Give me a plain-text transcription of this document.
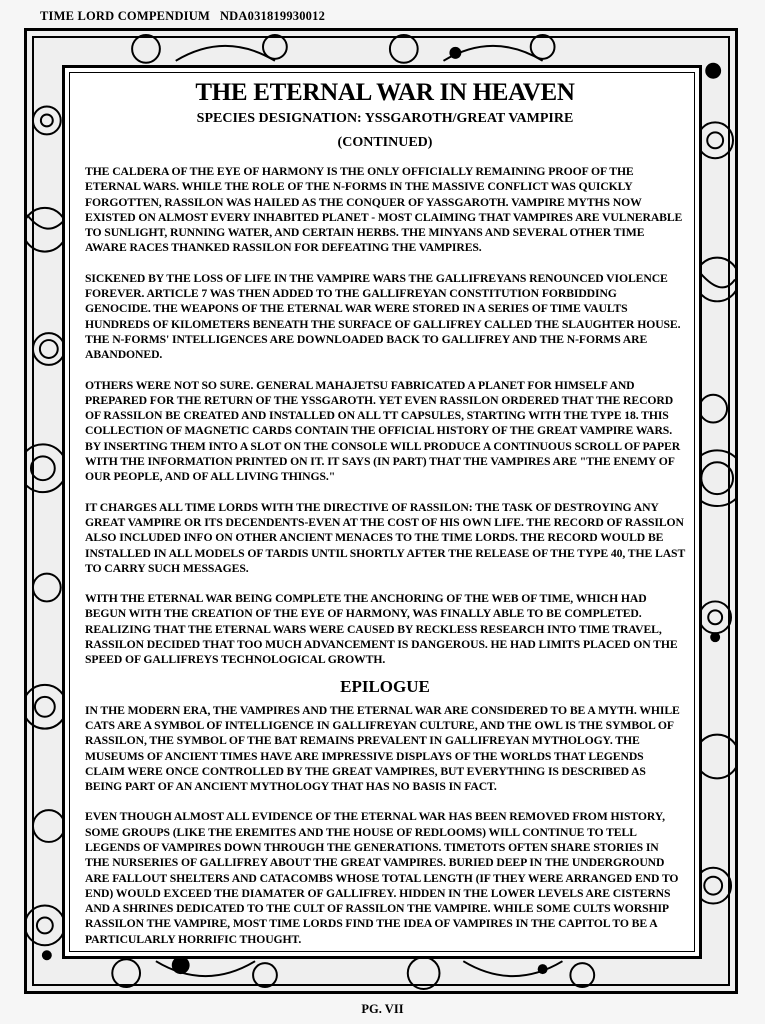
TIME LORD COMPENDIUM NDA031819930012
THE ETERNAL WAR IN HEAVEN
SPECIES DESIGNATION: YSSGAROTH/GREAT VAMPIRE
(CONTINUED)

THE CALDERA OF THE EYE OF HARMONY IS THE ONLY OFFICIALLY REMAINING PROOF OF THE ETERNAL WARS. WHILE THE ROLE OF THE N-FORMS IN THE MASSIVE CONFLICT WAS QUICKLY FORGOTTEN, RASSILON WAS HAILED AS THE CONQUER OF YASSGAROTH. VAMPIRE MYTHS NOW EXISTED ON ALMOST EVERY INHABITED PLANET - MOST CLAIMING THAT VAMPIRES ARE VULNERABLE TO SUNLIGHT, RUNNING WATER, AND CERTAIN HERBS. THE MINYANS AND SEVERAL OTHER TIME AWARE RACES THANKED RASSILON FOR DEFEATING THE VAMPIRES.

SICKENED BY THE LOSS OF LIFE IN THE VAMPIRE WARS THE GALLIFREYANS RENOUNCED VIOLENCE FOREVER. ARTICLE 7 WAS THEN ADDED TO THE GALLIFREYAN CONSTITUTION FORBIDDING GENOCIDE. THE WEAPONS OF THE ETERNAL WAR WERE STORED IN A SERIES OF TIME VAULTS HUNDREDS OF KILOMETERS BENEATH THE SURFACE OF GALLIFREY CALLED THE SLAUGHTER HOUSE. THE N-FORMS' INTELLIGENCES ARE DOWNLOADED BACK TO GALLIFREY AND THE N-FORMS ARE ABANDONED.

OTHERS WERE NOT SO SURE. GENERAL MAHAJETSU FABRICATED A PLANET FOR HIMSELF AND PREPARED FOR THE RETURN OF THE YSSGAROTH. YET EVEN RASSILON ORDERED THAT THE RECORD OF RASSILON BE CREATED AND INSTALLED ON ALL TT CAPSULES, STARTING WITH THE TYPE 18. THIS COLLECTION OF MAGNETIC CARDS CONTAIN THE OFFICIAL HISTORY OF THE GREAT VAMPIRE WARS. BY INSERTING THEM INTO A SLOT ON THE CONSOLE WILL PRODUCE A CONTINUOUS SCROLL OF PAPER WITH THE INFORMATION PRINTED ON IT. IT SAYS (IN PART) THAT THE VAMPIRES ARE "THE ENEMY OF OUR PEOPLE, AND OF ALL LIVING THINGS."

IT CHARGES ALL TIME LORDS WITH THE DIRECTIVE OF RASSILON: THE TASK OF DESTROYING ANY GREAT VAMPIRE OR ITS DECENDENTS-EVEN AT THE COST OF HIS OWN LIFE. THE RECORD OF RASSILON ALSO INCLUDED INFO ON OTHER ANCIENT MENACES TO THE TIME LORDS. THE RECORD WOULD BE INSTALLED IN ALL MODELS OF TARDIS UNTIL SHORTLY AFTER THE RELEASE OF THE TYPE 40, THE LAST TO CARRY SUCH MESSAGES.

WITH THE ETERNAL WAR BEING COMPLETE THE ANCHORING OF THE WEB OF TIME, WHICH HAD BEGUN WITH THE CREATION OF THE EYE OF HARMONY, WAS FINALLY ABLE TO BE COMPLETED. REALIZING THAT THE ETERNAL WARS WERE CAUSED BY RECKLESS RESEARCH INTO TIME TRAVEL, RASSILON DECIDED THAT TOO MUCH ADVANCEMENT IS DANGEROUS. HE HAD LIMITS PLACED ON THE SPEED OF GALLIFREYS TECHNOLOGICAL GROWTH.

EPILOGUE

IN THE MODERN ERA, THE VAMPIRES AND THE ETERNAL WAR ARE CONSIDERED TO BE A MYTH. WHILE CATS ARE A SYMBOL OF INTELLIGENCE IN GALLIFREYAN CULTURE, AND THE OWL IS THE SYMBOL OF RASSILON, THE SYMBOL OF THE BAT REMAINS PREVALENT IN GALLIFREYAN MYTHOLOGY. THE MUSEUMS OF ANCIENT TIMES HAVE ARE IMPRESSIVE DISPLAYS OF THE WORLDS THAT LEGENDS CLAIM WERE ONCE CONTROLLED BY THE GREAT VAMPIRES, BUT EVERYTHING IS DESCRIBED AS BEING PART OF AN ANCIENT MYTHOLOGY THAT HAS NO BASIS IN FACT.

EVEN THOUGH ALMOST ALL EVIDENCE OF THE ETERNAL WAR HAS BEEN REMOVED FROM HISTORY, SOME GROUPS (LIKE THE EREMITES AND THE HOUSE OF REDLOOMS) WILL CONTINUE TO TELL LEGENDS OF VAMPIRES DOWN THROUGH THE GENERATIONS. TIMETOTS OFTEN SHARE STORIES IN THE NURSERIES OF GALLIFREY ABOUT THE GREAT VAMPIRES. BURIED DEEP IN THE UNDERGROUND ARE FALLOUT SHELTERS AND CATACOMBS WHOSE TOTAL LENGTH (IF THEY WERE ARRANGED END TO END) WOULD EXCEED THE DIAMATER OF GALLIFREY. HIDDEN IN THE LOWER LEVELS ARE CISTERNS AND A SHRINES DEDICATED TO THE CULT OF RASSILON THE VAMPIRE. WHILE SOME CULTS WORSHIP RASSILON THE VAMPIRE, MOST TIME LORDS FIND THE IDEA OF VAMPIRES IN THE CAPITOL TO BE A PARTICULARLY HORRIFIC THOUGHT.

PG. VII
